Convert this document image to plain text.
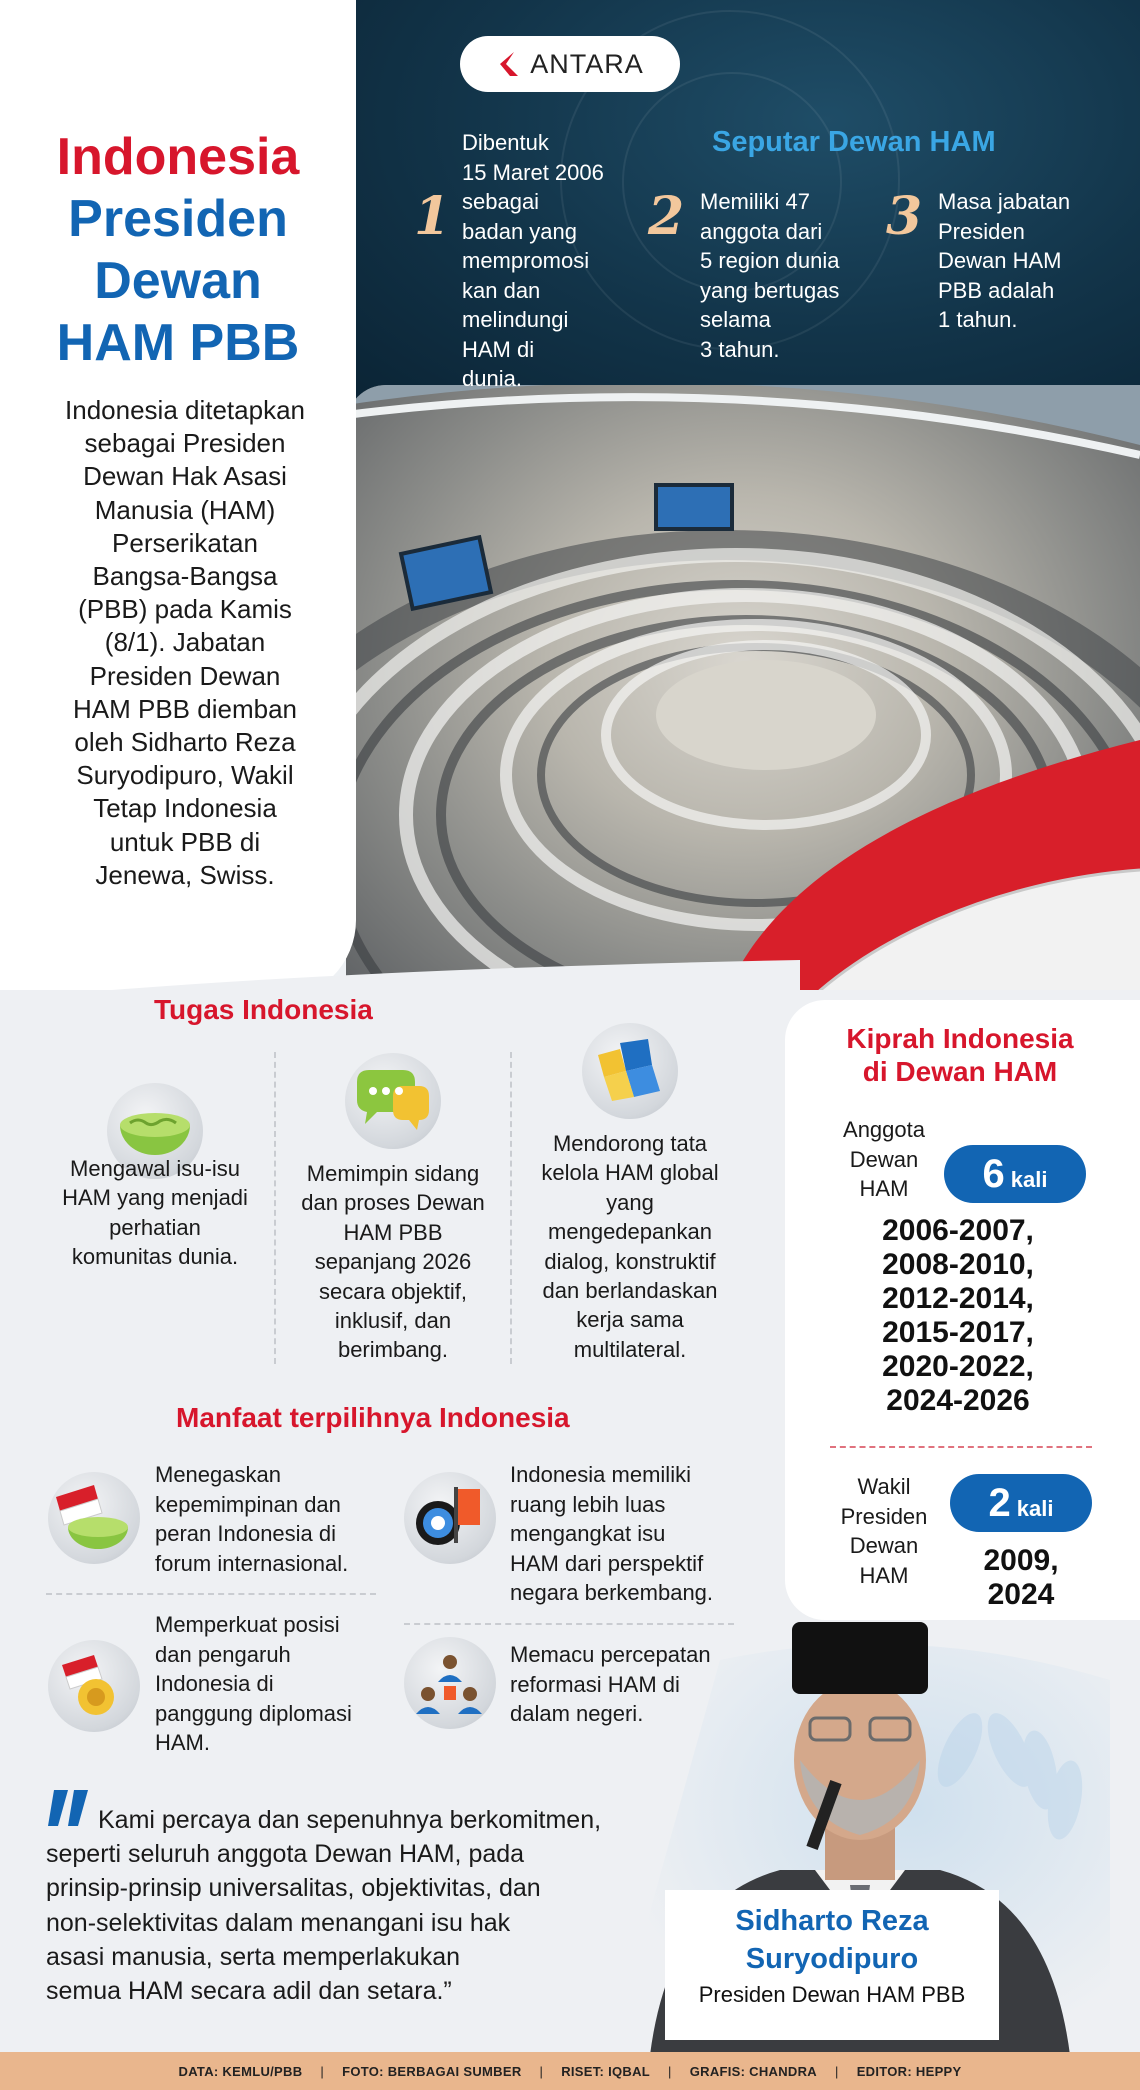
Indonesia
Presiden
Dewan
HAM PBB
Indonesia ditetapkan
sebagai Presiden
Dewan Hak Asasi
Manusia (HAM)
Perserikatan
Bangsa-Bangsa
(PBB) pada Kamis
(8/1). Jabatan
Presiden Dewan
HAM PBB diemban
oleh Sidharto Reza
Suryodipuro, Wakil
Tetap Indonesia
untuk PBB di
Jenewa, Swiss.
ANTARA
Seputar Dewan HAM
1
Dibentuk
15 Maret 2006
sebagai
badan yang
mempromosi
kan dan
melindungi
HAM di
dunia.
2 Memiliki 47
anggota dari
5 region dunia
yang bertugas
selama
3 tahun.
3 Masa jabatan
Presiden
Dewan HAM
PBB adalah
1 tahun.
Tugas Indonesia
Mengawal isu-isu
HAM yang menjadi
perhatian
komunitas dunia.
Memimpin sidang
dan proses Dewan
HAM PBB
sepanjang 2026
secara objektif,
inklusif, dan
berimbang.
Mendorong tata
kelola HAM global
yang
mengedepankan
dialog, konstruktif
dan berlandaskan
kerja sama
multilateral.
Manfaat terpilihnya Indonesia
Menegaskan
kepemimpinan dan
peran Indonesia di
forum internasional.
Indonesia memiliki
ruang lebih luas
mengangkat isu
HAM dari perspektif
negara berkembang.
Memperkuat posisi
dan pengaruh
Indonesia di
panggung diplomasi
HAM.
Memacu percepatan
reformasi HAM di
dalam negeri.
Kiprah Indonesia
di Dewan HAM
Anggota
Dewan
HAM	6 kali
2006-2007,
2008-2010,
2012-2014,
2015-2017,
2020-2022,
2024-2026
Wakil
Presiden
Dewan
HAM
2 kali
2009,
2024
Sidharto Reza
Suryodipuro
Presiden Dewan HAM PBB
Kami percaya dan sepenuhnya berkomitmen,
seperti seluruh anggota Dewan HAM, pada
prinsip-prinsip universalitas, objektivitas, dan
non-selektivitas dalam menangani isu hak
asasi manusia, serta memperlakukan
semua HAM secara adil dan setara.”
DATA: KEMLU/PBB | FOTO: BERBAGAI SUMBER | RISET: IQBAL | GRAFIS: CHANDRA | EDITOR: HEPPY
